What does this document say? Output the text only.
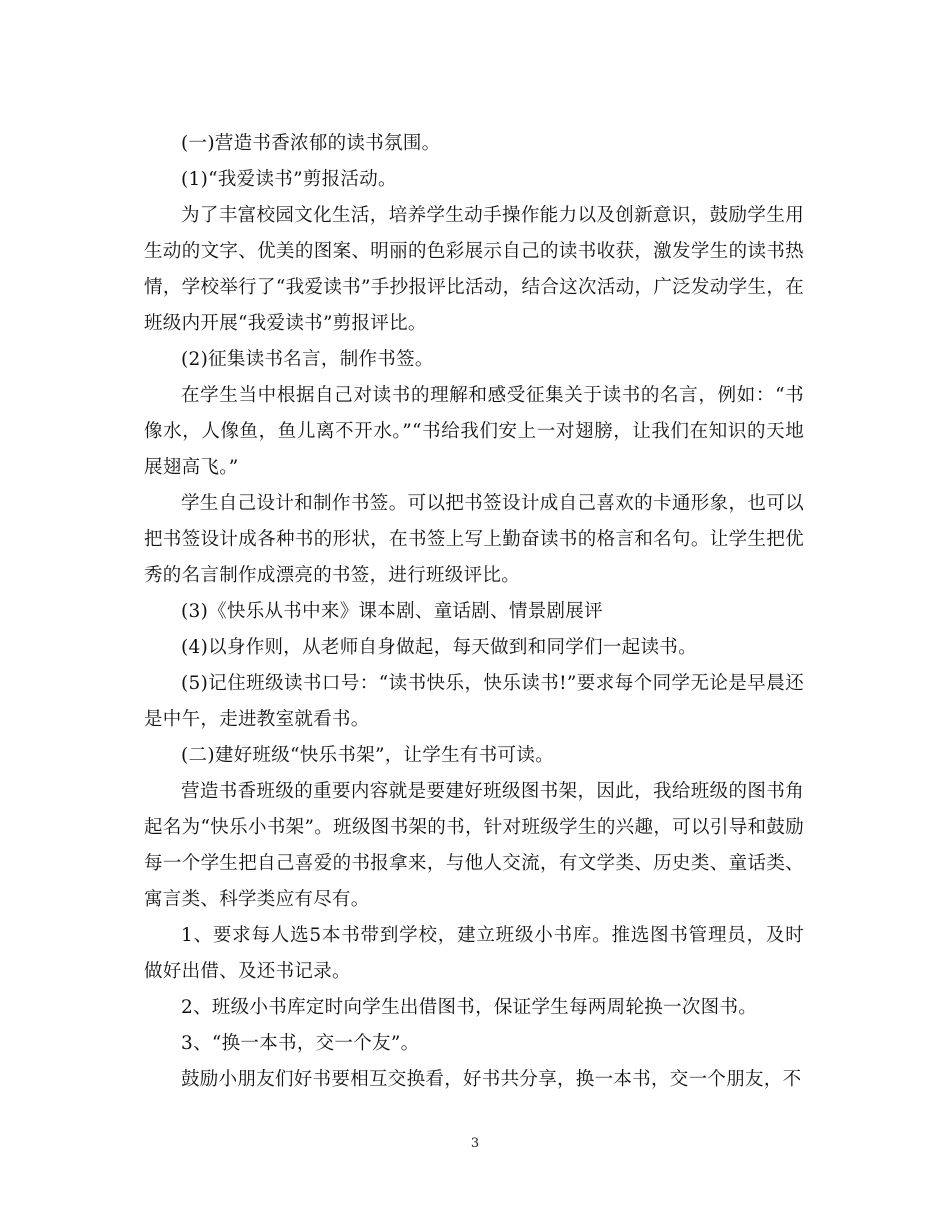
(一)营造书香浓郁的读书氛围。

(1)“我爱读书”剪报活动。

为了丰富校园文化生活，培养学生动手操作能力以及创新意识，鼓励学生用生动的文字、优美的图案、明丽的色彩展示自己的读书收获，激发学生的读书热情，学校举行了“我爱读书”手抄报评比活动，结合这次活动，广泛发动学生，在班级内开展“我爱读书”剪报评比。

(2)征集读书名言，制作书签。

在学生当中根据自己对读书的理解和感受征集关于读书的名言，例如：“书像水，人像鱼，鱼儿离不开水。”“书给我们安上一对翅膀，让我们在知识的天地展翅高飞。”

学生自己设计和制作书签。可以把书签设计成自己喜欢的卡通形象，也可以把书签设计成各种书的形状，在书签上写上勤奋读书的格言和名句。让学生把优秀的名言制作成漂亮的书签，进行班级评比。

(3)《快乐从书中来》课本剧、童话剧、情景剧展评

(4)以身作则，从老师自身做起，每天做到和同学们一起读书。

(5)记住班级读书口号：“读书快乐，快乐读书!”要求每个同学无论是早晨还是中午，走进教室就看书。

(二)建好班级“快乐书架”，让学生有书可读。

营造书香班级的重要内容就是要建好班级图书架，因此，我给班级的图书角起名为“快乐小书架”。班级图书架的书，针对班级学生的兴趣，可以引导和鼓励每一个学生把自己喜爱的书报拿来，与他人交流，有文学类、历史类、童话类、寓言类、科学类应有尽有。

1、要求每人选5本书带到学校，建立班级小书库。推选图书管理员，及时做好出借、及还书记录。

2、班级小书库定时向学生出借图书，保证学生每两周轮换一次图书。

3、“换一本书，交一个友”。

鼓励小朋友们好书要相互交换看，好书共分享，换一本书，交一个朋友，不

3
